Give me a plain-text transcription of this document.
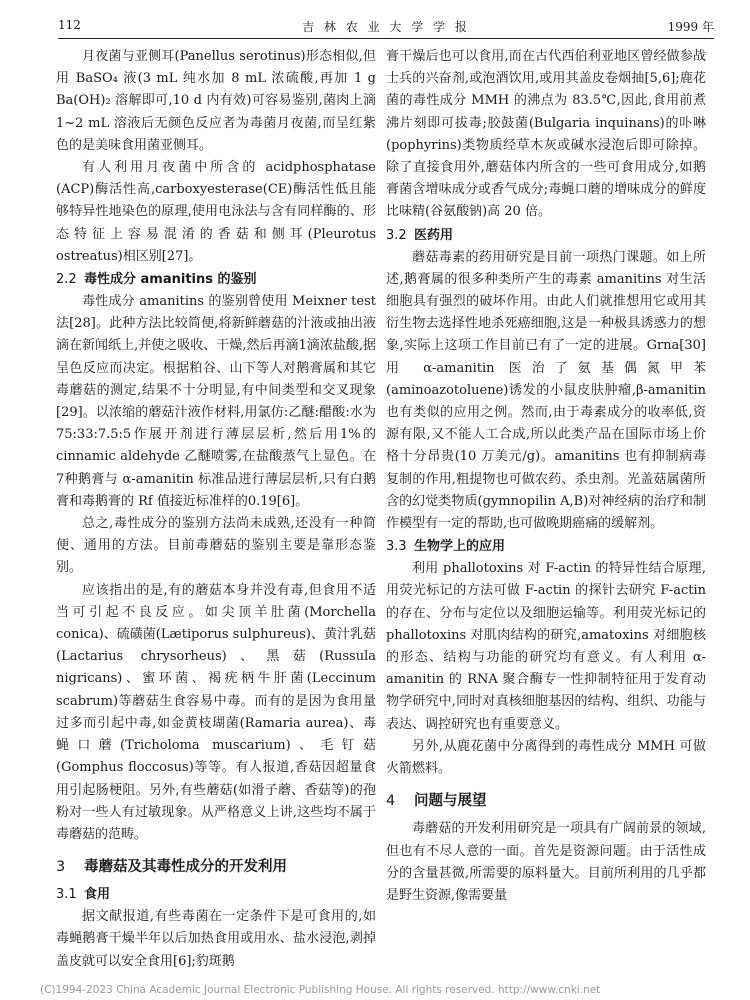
112	吉 林 农 业 大 学 学 报	1999 年

月夜菌与亚侧耳(Panellus serotinus)形态相似,但用 BaSO₄ 液(3 mL 纯水加 8 mL 浓硫酸,再加 1 g Ba(OH)₂ 溶解即可,10 d 内有效)可容易鉴别,菌肉上滴 1~2 mL 溶液后无颜色反应者为毒菌月夜菌,而呈红紫色的是美味食用菌亚侧耳。

有人利用月夜菌中所含的 acidphosphatase (ACP)酶活性高,carboxyesterase(CE)酶活性低且能够特异性地染色的原理,使用电泳法与含有同样酶的、形态特征上容易混淆的香菇和侧耳(Pleurotus ostreatus)相区别[27]。

2.2 毒性成分 amanitins 的鉴别

毒性成分 amanitins 的鉴别曾使用 Meixner test 法[28]。此种方法比较简便,将新鲜蘑菇的汁液或抽出液滴在新闻纸上,并使之吸收、干燥,然后再滴1滴浓盐酸,据呈色反应而决定。根据粕谷、山下等人对鹅膏属和其它毒蘑菇的测定,结果不十分明显,有中间类型和交叉现象[29]。以浓缩的蘑菇汁液作材料,用氯仿:乙醚:醋酸:水为75:33:7.5:5作展开剂进行薄层层析,然后用1%的 cinnamic aldehyde 乙醚喷雾,在盐酸蒸气上显色。在7种鹅膏与 α-amanitin 标准品进行薄层层析,只有白鹅膏和毒鹅膏的 Rf 值接近标准样的0.19[6]。

总之,毒性成分的鉴别方法尚未成熟,还没有一种简便、通用的方法。目前毒蘑菇的鉴别主要是靠形态鉴别。

应该指出的是,有的蘑菇本身并没有毒,但食用不适当可引起不良反应。如尖顶羊肚菌(Morchella conica)、硫磺菌(Lætiporus sulphureus)、黄汁乳菇(Lactarius chrysorheus)、黑菇(Russula nigricans)、蜜环菌、褐疣柄牛肝菌(Leccinum scabrum)等蘑菇生食容易中毒。而有的是因为食用量过多而引起中毒,如金黄枝瑚菌(Ramaria aurea)、毒蝇口蘑(Tricholoma muscarium)、毛钉菇(Gomphus floccosus)等等。有人报道,香菇因超量食用引起肠梗阻。另外,有些蘑菇(如滑子蘑、香菇等)的孢粉对一些人有过敏现象。从严格意义上讲,这些均不属于毒蘑菇的范畴。

3 毒蘑菇及其毒性成分的开发利用
3.1 食用

据文献报道,有些毒菌在一定条件下是可食用的,如毒蝇鹅膏干燥半年以后加热食用或用水、盐水浸泡,剥掉盖皮就可以安全食用[6];豹斑鹅

膏干燥后也可以食用,而在古代西伯利亚地区曾经做参战士兵的兴奋剂,或泡酒饮用,或用其盖皮卷烟抽[5,6];鹿花菌的毒性成分 MMH 的沸点为 83.5℃,因此,食用前煮沸片刻即可拔毒;胶鼓菌(Bulgaria inquinans)的卟啉(pophyrins)类物质经草木灰或碱水浸泡后即可除掉。除了直接食用外,蘑菇体内所含的一些可食用成分,如鹅膏菌含增味成分或香气成分;毒蝇口蘑的增味成分的鲜度比味精(谷氨酸钠)高 20 倍。

3.2 医药用

蘑菇毒素的药用研究是目前一项热门课题。如上所述,鹅膏属的很多种类所产生的毒素 amanitins 对生活细胞具有强烈的破坏作用。由此人们就推想用它或用其衍生物去选择性地杀死癌细胞,这是一种极具诱惑力的想象,实际上这项工作目前已有了一定的进展。Grna[30] 用 α-amanitin 医治了氨基偶氮甲苯(aminoazotoluene)诱发的小鼠皮肤肿瘤,β-amanitin 也有类似的应用之例。然而,由于毒素成分的收率低,资源有限,又不能人工合成,所以此类产品在国际市场上价格十分昂贵(10 万美元/g)。amanitins 也有抑制病毒复制的作用,粗提物也可做农药、杀虫剂。光盖菇属菌所含的幻觉类物质(gymnopilin A,B)对神经病的治疗和制作模型有一定的帮助,也可做晚期癌痛的缓解剂。

3.3 生物学上的应用

利用 phallotoxins 对 F-actin 的特异性结合原理,用荧光标记的方法可做 F-actin 的探针去研究 F-actin 的存在、分布与定位以及细胞运输等。利用荧光标记的 phallotoxins 对肌肉结构的研究,amatoxins 对细胞核的形态、结构与功能的研究均有意义。有人利用 α-amanitin 的 RNA 聚合酶专一性抑制特征用于发育动物学研究中,同时对真核细胞基因的结构、组织、功能与表达、调控研究也有重要意义。

另外,从鹿花菌中分离得到的毒性成分 MMH 可做火箭燃料。

4 问题与展望

毒蘑菇的开发利用研究是一项具有广阔前景的领域,但也有不尽人意的一面。首先是资源问题。由于活性成分的含量甚微,所需要的原料量大。目前所利用的几乎都是野生资源,像需要量

(C)1994-2023 China Academic Journal Electronic Publishing House. All rights reserved. http://www.cnki.net
